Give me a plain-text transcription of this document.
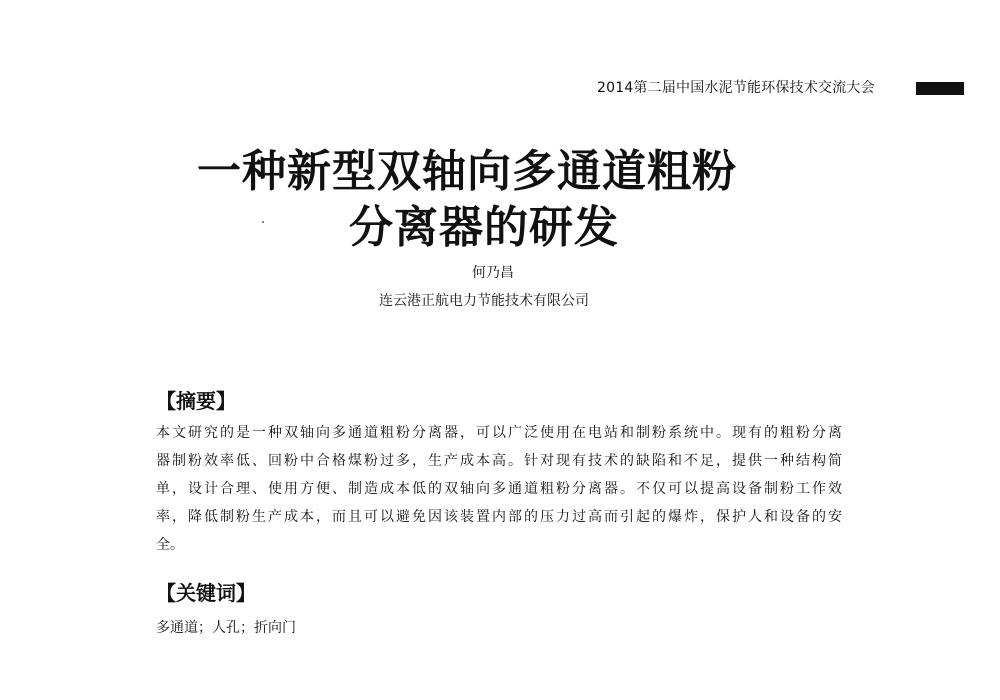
2014第二届中国水泥节能环保技术交流大会
一种新型双轴向多通道粗粉
分离器的研发
何乃昌
连云港正航电力节能技术有限公司
【摘要】
本文研究的是一种双轴向多通道粗粉分离器，可以广泛使用在电站和制粉系统中。现有的粗粉分离
器制粉效率低、回粉中合格煤粉过多，生产成本高。针对现有技术的缺陷和不足，提供一种结构简
单，设计合理、使用方便、制造成本低的双轴向多通道粗粉分离器。不仅可以提高设备制粉工作效
率，降低制粉生产成本，而且可以避免因该装置内部的压力过高而引起的爆炸，保护人和设备的安
全。
【关键词】
多通道；人孔；折向门
